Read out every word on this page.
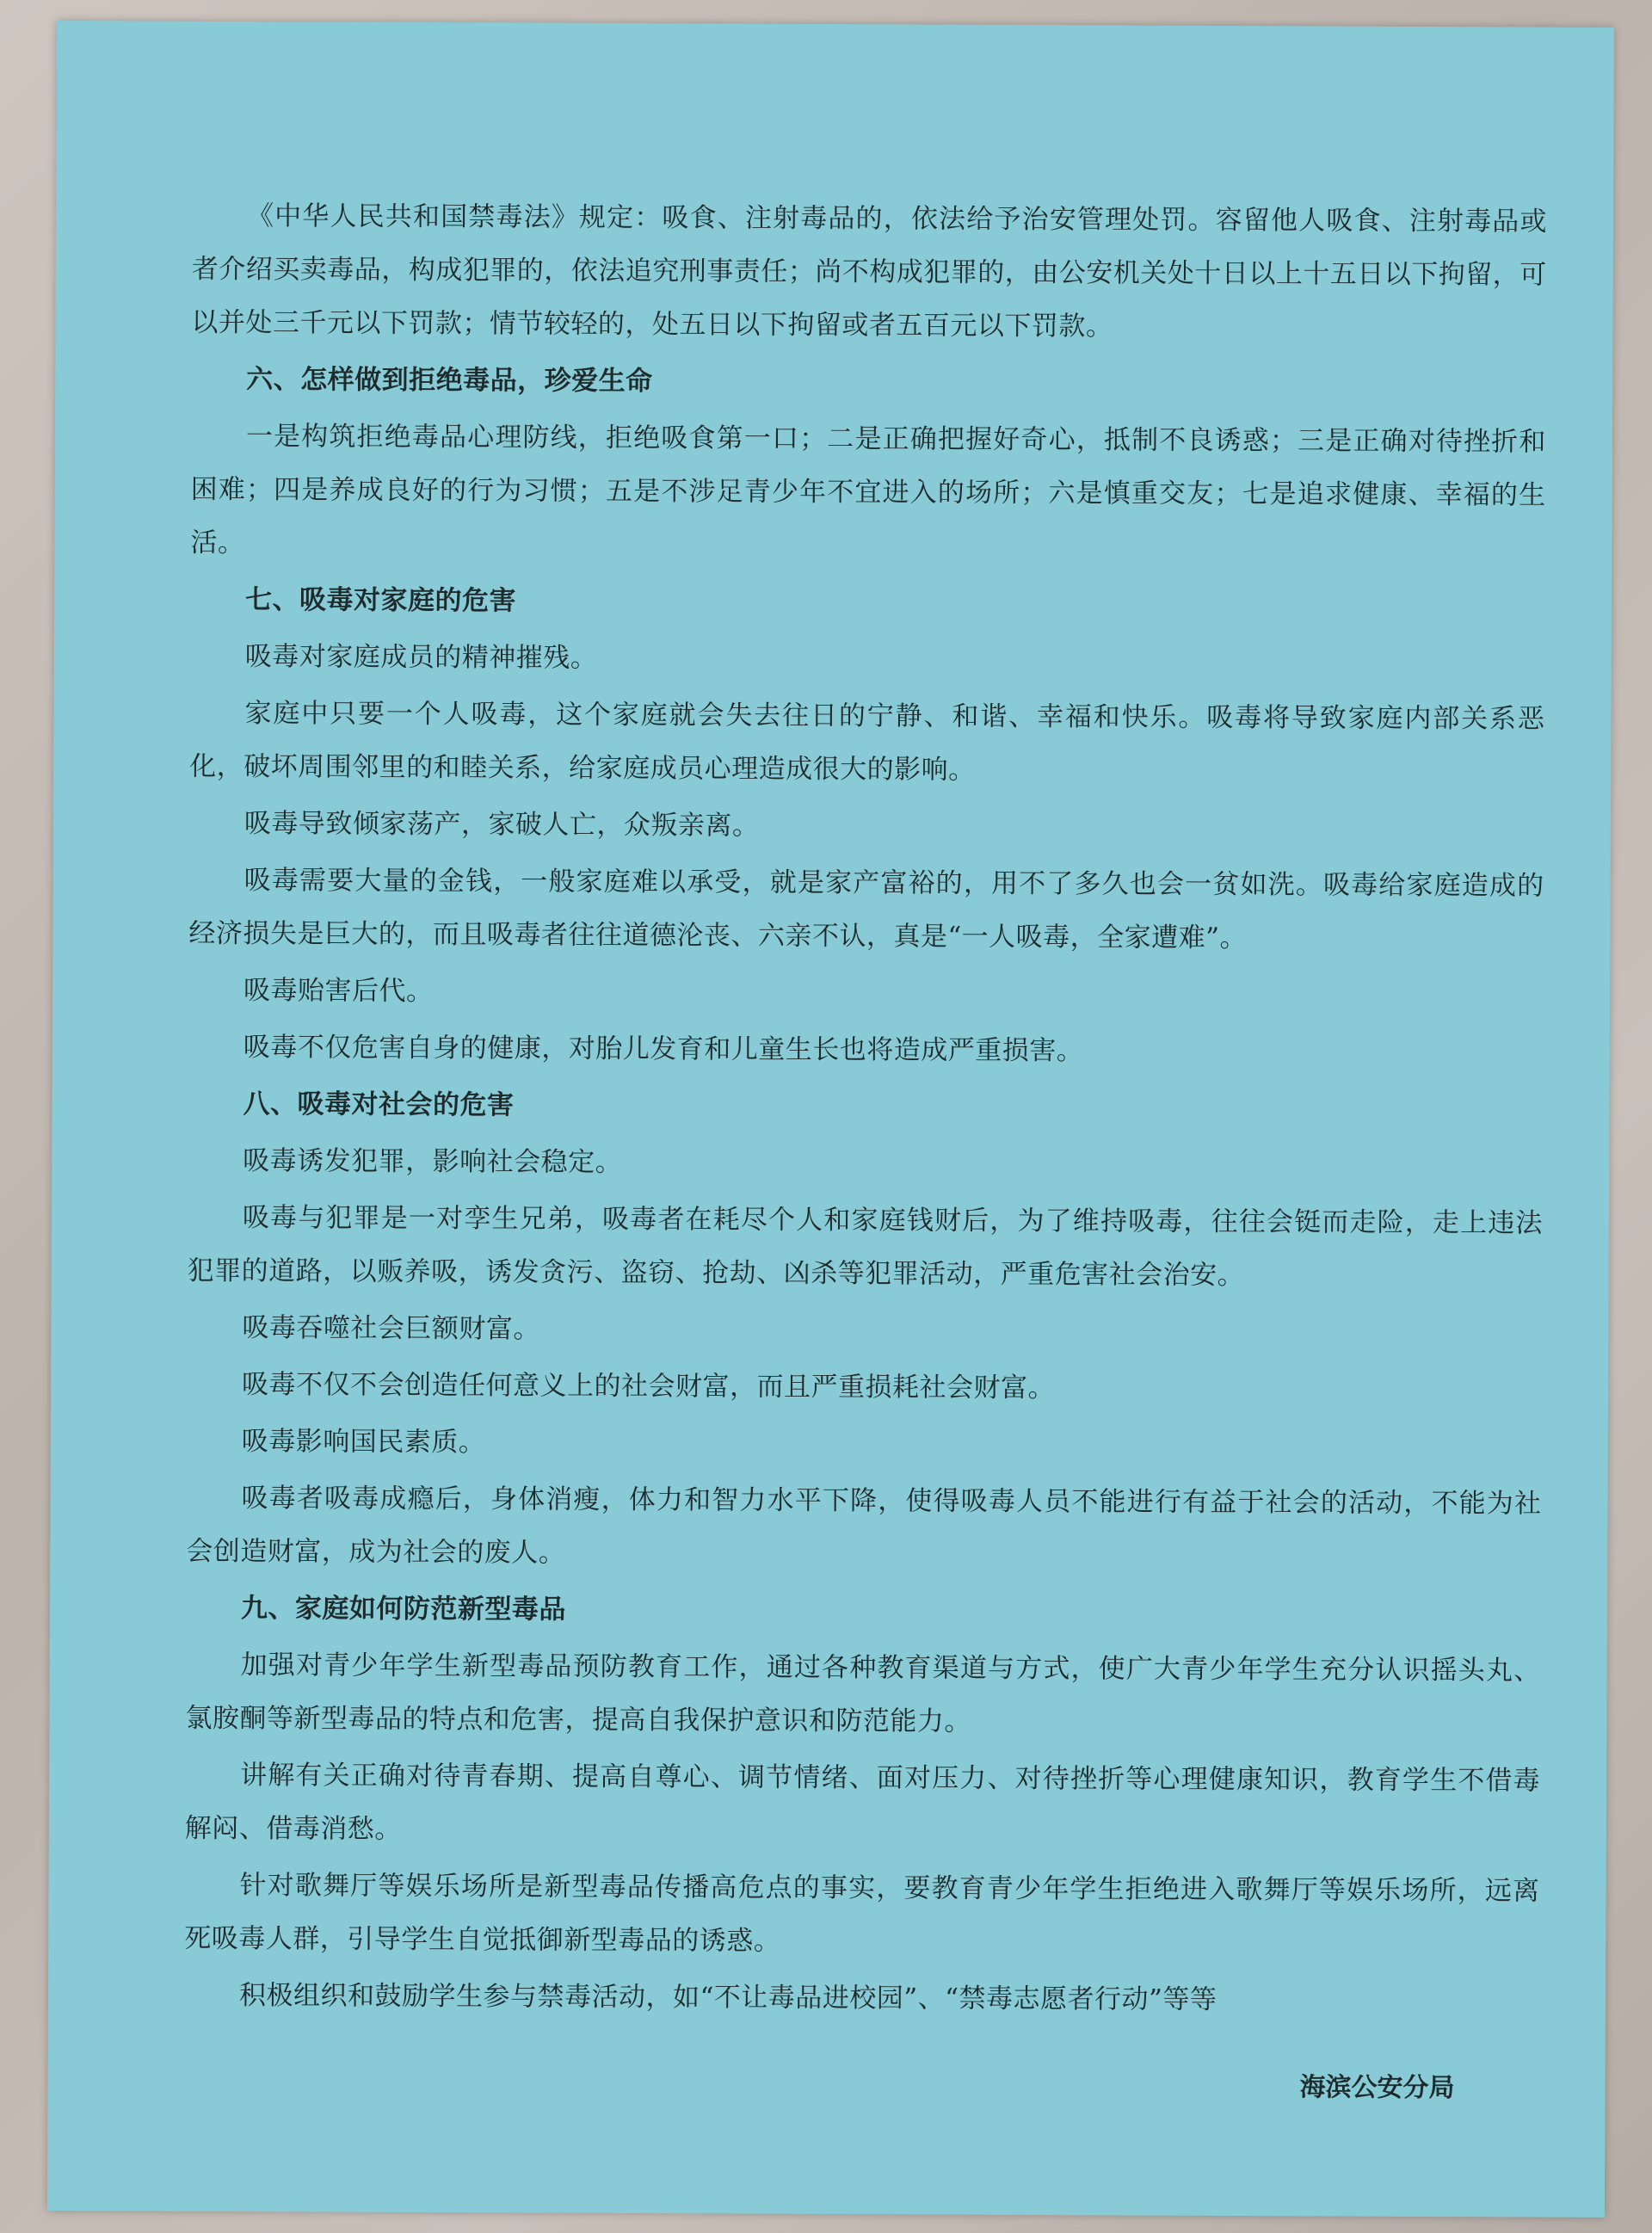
《中华人民共和国禁毒法》规定：吸食、注射毒品的，依法给予治安管理处罚。容留他人吸食、注射毒品或者介绍买卖毒品，构成犯罪的，依法追究刑事责任；尚不构成犯罪的，由公安机关处十日以上十五日以下拘留，可以并处三千元以下罚款；情节较轻的，处五日以下拘留或者五百元以下罚款。

六、怎样做到拒绝毒品，珍爱生命

一是构筑拒绝毒品心理防线，拒绝吸食第一口；二是正确把握好奇心，抵制不良诱惑；三是正确对待挫折和困难；四是养成良好的行为习惯；五是不涉足青少年不宜进入的场所；六是慎重交友；七是追求健康、幸福的生活。

七、吸毒对家庭的危害

吸毒对家庭成员的精神摧残。

家庭中只要一个人吸毒，这个家庭就会失去往日的宁静、和谐、幸福和快乐。吸毒将导致家庭内部关系恶化，破坏周围邻里的和睦关系，给家庭成员心理造成很大的影响。

吸毒导致倾家荡产，家破人亡，众叛亲离。

吸毒需要大量的金钱，一般家庭难以承受，就是家产富裕的，用不了多久也会一贫如洗。吸毒给家庭造成的经济损失是巨大的，而且吸毒者往往道德沦丧、六亲不认，真是“一人吸毒，全家遭难”。

吸毒贻害后代。

吸毒不仅危害自身的健康，对胎儿发育和儿童生长也将造成严重损害。

八、吸毒对社会的危害

吸毒诱发犯罪，影响社会稳定。

吸毒与犯罪是一对孪生兄弟，吸毒者在耗尽个人和家庭钱财后，为了维持吸毒，往往会铤而走险，走上违法犯罪的道路，以贩养吸，诱发贪污、盗窃、抢劫、凶杀等犯罪活动，严重危害社会治安。

吸毒吞噬社会巨额财富。

吸毒不仅不会创造任何意义上的社会财富，而且严重损耗社会财富。

吸毒影响国民素质。

吸毒者吸毒成瘾后，身体消瘦，体力和智力水平下降，使得吸毒人员不能进行有益于社会的活动，不能为社会创造财富，成为社会的废人。

九、家庭如何防范新型毒品

加强对青少年学生新型毒品预防教育工作，通过各种教育渠道与方式，使广大青少年学生充分认识摇头丸、氯胺酮等新型毒品的特点和危害，提高自我保护意识和防范能力。

讲解有关正确对待青春期、提高自尊心、调节情绪、面对压力、对待挫折等心理健康知识，教育学生不借毒解闷、借毒消愁。

针对歌舞厅等娱乐场所是新型毒品传播高危点的事实，要教育青少年学生拒绝进入歌舞厅等娱乐场所，远离死吸毒人群，引导学生自觉抵御新型毒品的诱惑。

积极组织和鼓励学生参与禁毒活动，如“不让毒品进校园”、“禁毒志愿者行动”等等

海滨公安分局
